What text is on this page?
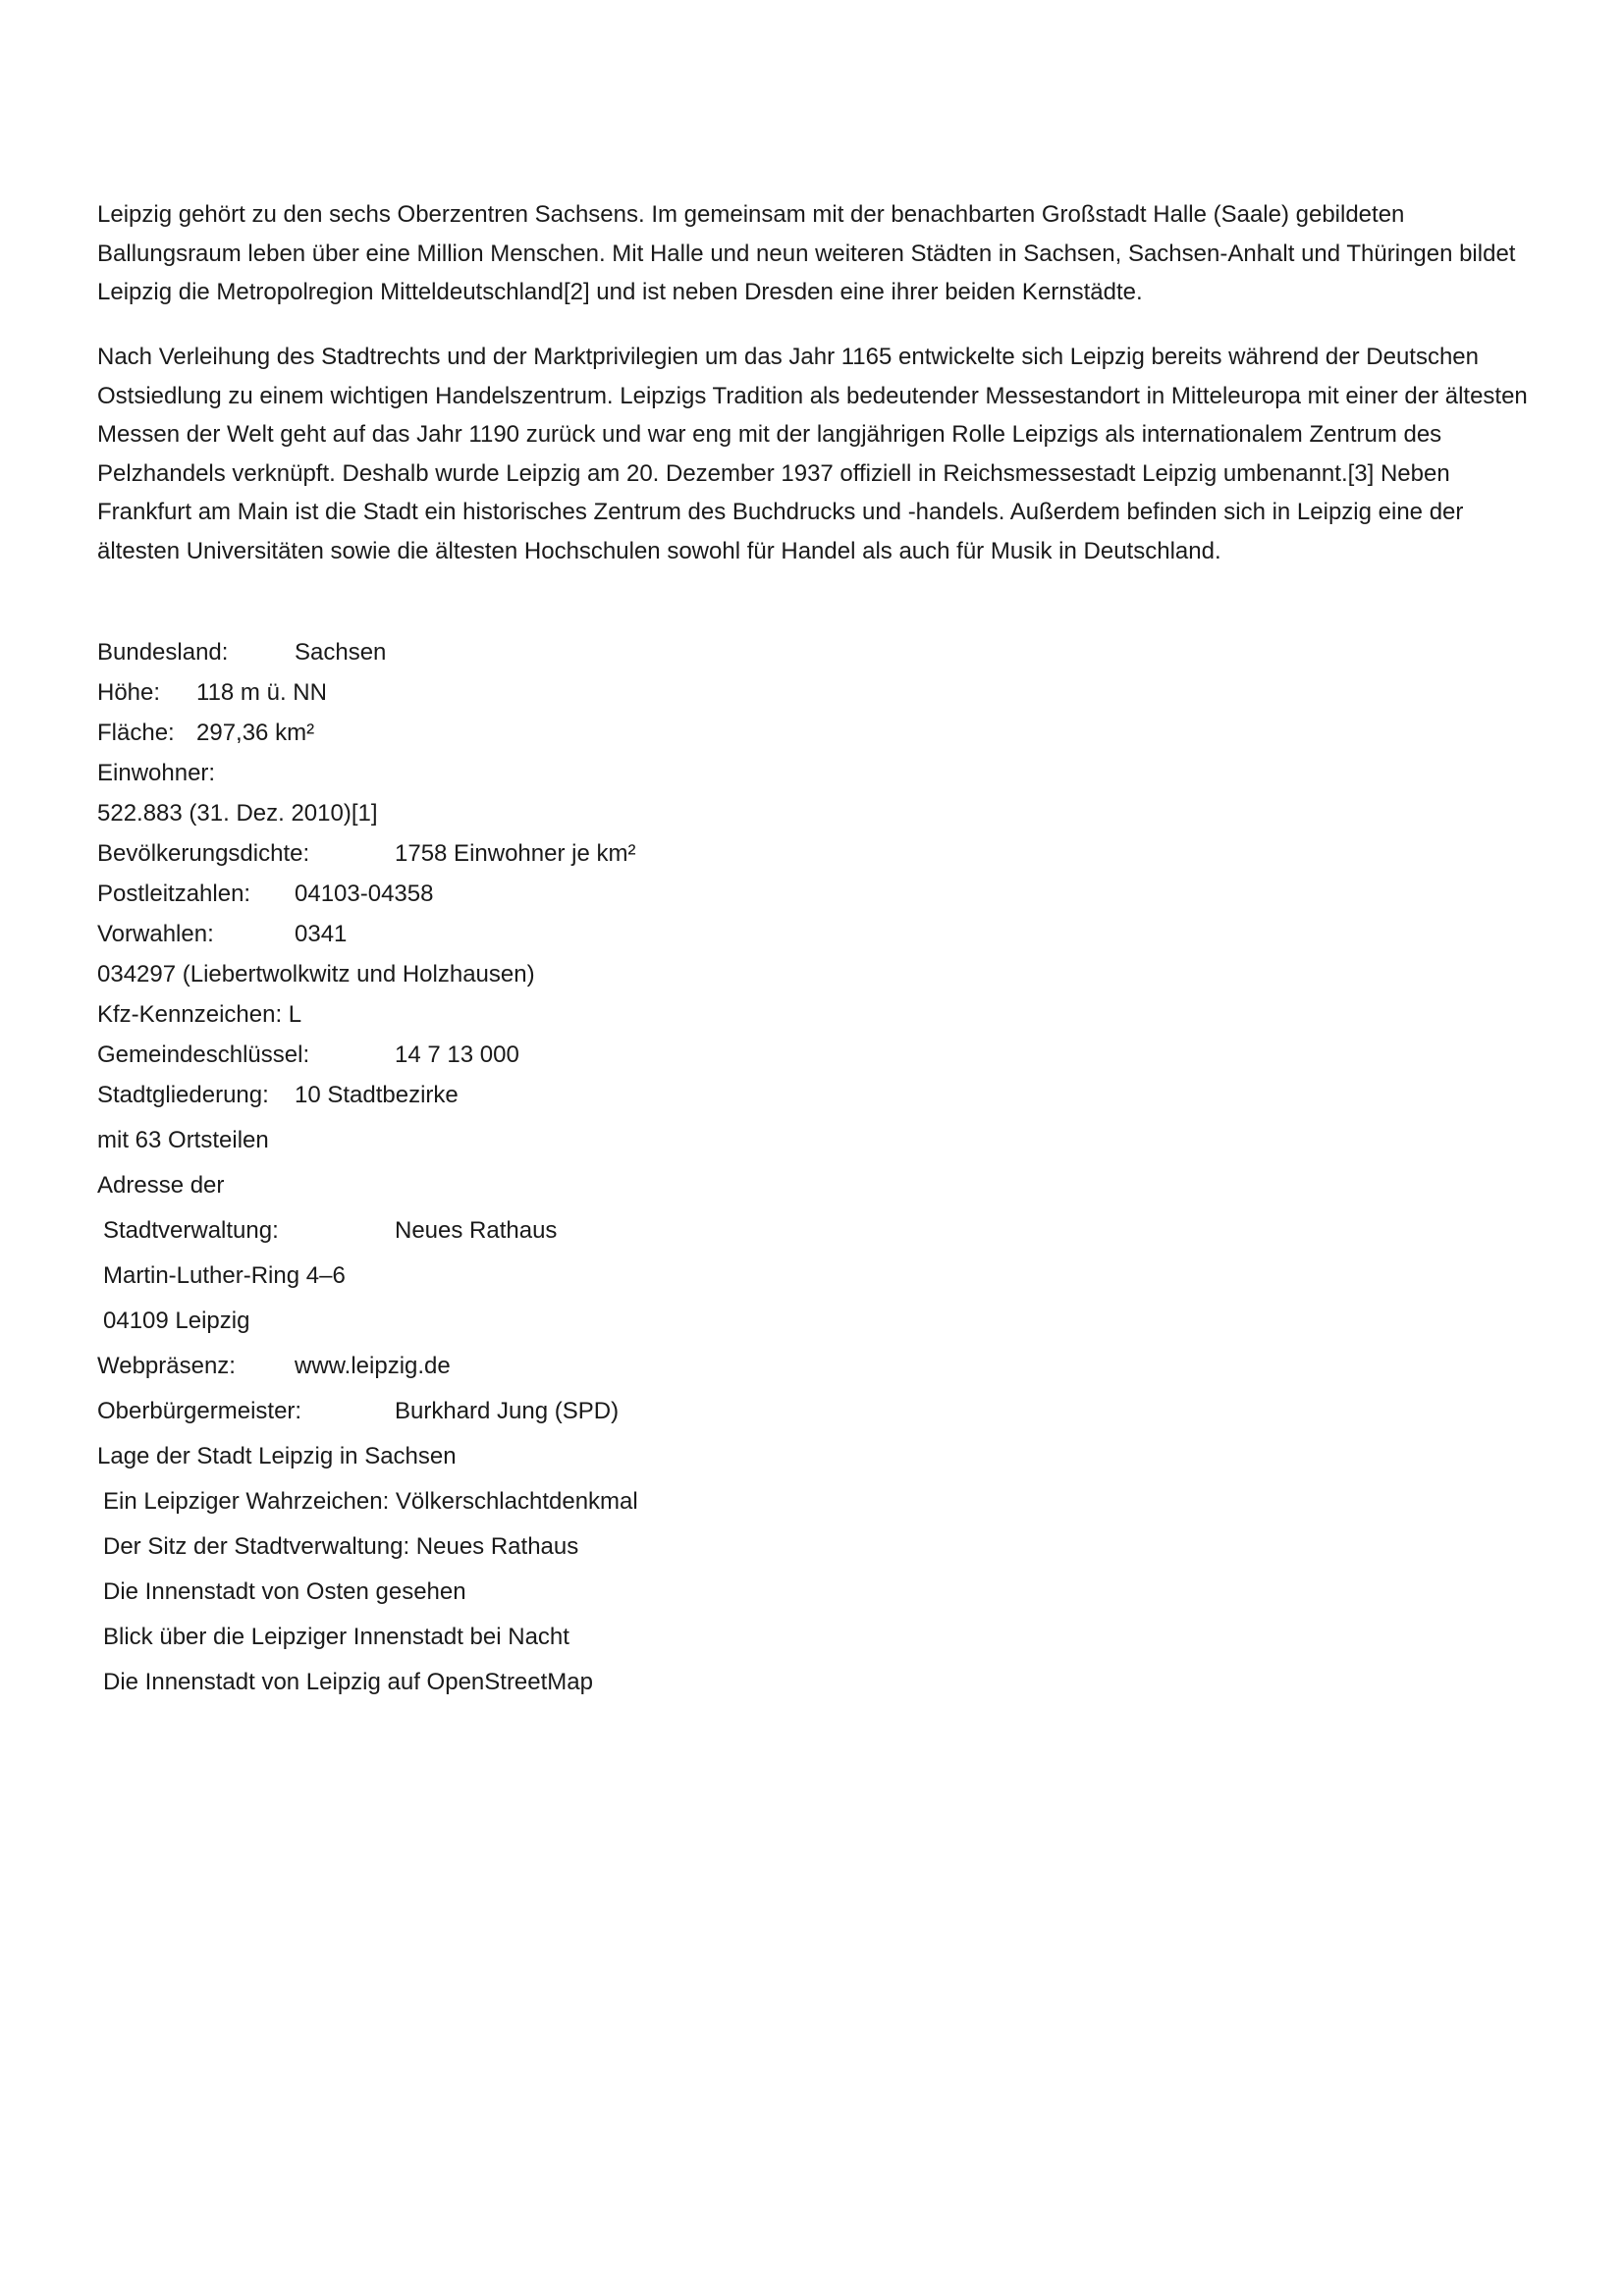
Leipzig gehört zu den sechs Oberzentren Sachsens. Im gemeinsam mit der benachbarten Großstadt Halle (Saale) gebildeten Ballungsraum leben über eine Million Menschen. Mit Halle und neun weiteren Städten in Sachsen, Sachsen-Anhalt und Thüringen bildet Leipzig die Metropolregion Mitteldeutschland[2] und ist neben Dresden eine ihrer beiden Kernstädte.

Nach Verleihung des Stadtrechts und der Marktprivilegien um das Jahr 1165 entwickelte sich Leipzig bereits während der Deutschen Ostsiedlung zu einem wichtigen Handelszentrum. Leipzigs Tradition als bedeutender Messestandort in Mitteleuropa mit einer der ältesten Messen der Welt geht auf das Jahr 1190 zurück und war eng mit der langjährigen Rolle Leipzigs als internationalem Zentrum des Pelzhandels verknüpft. Deshalb wurde Leipzig am 20. Dezember 1937 offiziell in Reichsmessestadt Leipzig umbenannt.[3] Neben Frankfurt am Main ist die Stadt ein historisches Zentrum des Buchdrucks und -handels. Außerdem befinden sich in Leipzig eine der ältesten Universitäten sowie die ältesten Hochschulen sowohl für Handel als auch für Musik in Deutschland.

Bundesland:	Sachsen
Höhe: 118 m ü. NN
Fläche: 297,36 km²
Einwohner:
522.883 (31. Dez. 2010)[1]
Bevölkerungsdichte:	1758 Einwohner je km²
Postleitzahlen: 04103-04358
Vorwahlen:	0341
034297 (Liebertwolkwitz und Holzhausen)
Kfz-Kennzeichen: L
Gemeindeschlüssel:	14 7 13 000
Stadtgliederung: 10 Stadtbezirke
mit 63 Ortsteilen
Adresse der
Stadtverwaltung:	Neues Rathaus
Martin-Luther-Ring 4–6
04109 Leipzig
Webpräsenz:	www.leipzig.de
Oberbürgermeister:	Burkhard Jung (SPD)
Lage der Stadt Leipzig in Sachsen
Ein Leipziger Wahrzeichen: Völkerschlachtdenkmal
Der Sitz der Stadtverwaltung: Neues Rathaus
Die Innenstadt von Osten gesehen
Blick über die Leipziger Innenstadt bei Nacht
Die Innenstadt von Leipzig auf OpenStreetMap
